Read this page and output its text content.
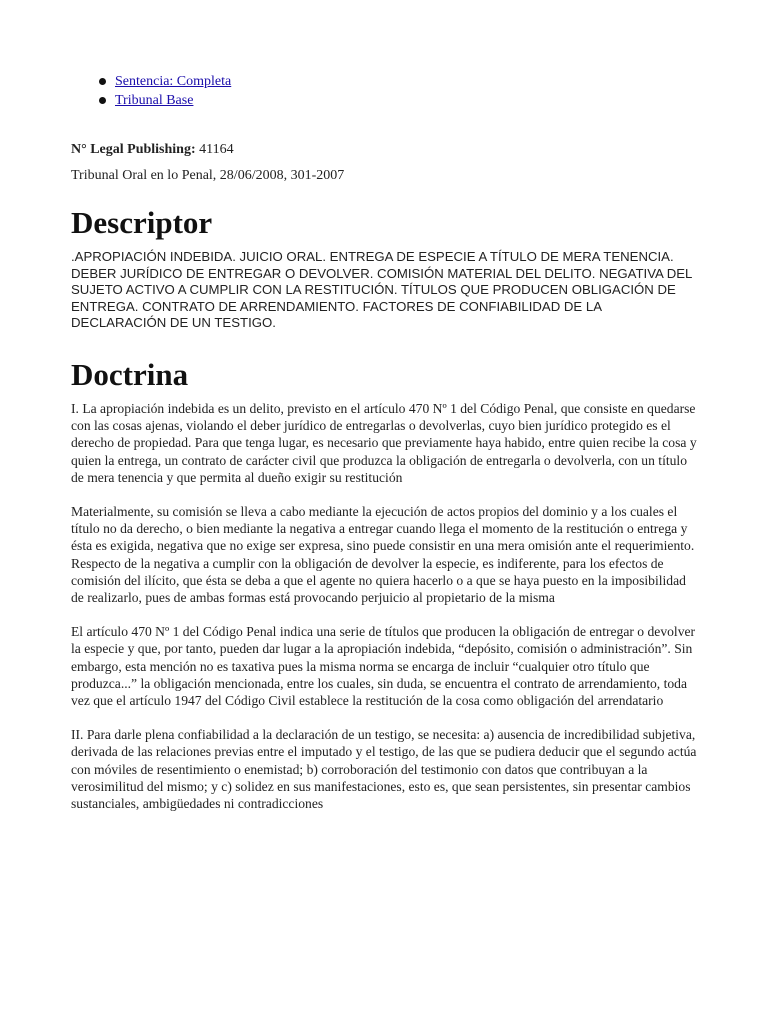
Sentencia: Completa
Tribunal Base
N° Legal Publishing: 41164
Tribunal Oral en lo Penal, 28/06/2008, 301-2007
Descriptor
.APROPIACIÓN INDEBIDA. JUICIO ORAL. ENTREGA DE ESPECIE A TÍTULO DE MERA TENENCIA. DEBER JURÍDICO DE ENTREGAR O DEVOLVER. COMISIÓN MATERIAL DEL DELITO. NEGATIVA DEL SUJETO ACTIVO A CUMPLIR CON LA RESTITUCIÓN. TÍTULOS QUE PRODUCEN OBLIGACIÓN DE ENTREGA. CONTRATO DE ARRENDAMIENTO. FACTORES DE CONFIABILIDAD DE LA DECLARACIÓN DE UN TESTIGO.
Doctrina

I. La apropiación indebida es un delito, previsto en el artículo 470 Nº 1 del Código Penal, que consiste en quedarse con las cosas ajenas, violando el deber jurídico de entregarlas o devolverlas, cuyo bien jurídico protegido es el derecho de propiedad. Para que tenga lugar, es necesario que previamente haya habido, entre quien recibe la cosa y quien la entrega, un contrato de carácter civil que produzca la obligación de entregarla o devolverla, con un título de mera tenencia y que permita al dueño exigir su restitución

Materialmente, su comisión se lleva a cabo mediante la ejecución de actos propios del dominio y a los cuales el título no da derecho, o bien mediante la negativa a entregar cuando llega el momento de la restitución o entrega y ésta es exigida, negativa que no exige ser expresa, sino puede consistir en una mera omisión ante el requerimiento. Respecto de la negativa a cumplir con la obligación de devolver la especie, es indiferente, para los efectos de comisión del ilícito, que ésta se deba a que el agente no quiera hacerlo o a que se haya puesto en la imposibilidad de realizarlo, pues de ambas formas está provocando perjuicio al propietario de la misma

El artículo 470 Nº 1 del Código Penal indica una serie de títulos que producen la obligación de entregar o devolver la especie y que, por tanto, pueden dar lugar a la apropiación indebida, “depósito, comisión o administración”. Sin embargo, esta mención no es taxativa pues la misma norma se encarga de incluir “cualquier otro título que produzca...” la obligación mencionada, entre los cuales, sin duda, se encuentra el contrato de arrendamiento, toda vez que el artículo 1947 del Código Civil establece la restitución de la cosa como obligación del arrendatario

II. Para darle plena confiabilidad a la declaración de un testigo, se necesita: a) ausencia de incredibilidad subjetiva, derivada de las relaciones previas entre el imputado y el testigo, de las que se pudiera deducir que el segundo actúa con móviles de resentimiento o enemistad; b) corroboración del testimonio con datos que contribuyan a la verosimilitud del mismo; y c) solidez en sus manifestaciones, esto es, que sean persistentes, sin presentar cambios sustanciales, ambigüedades ni contradicciones
